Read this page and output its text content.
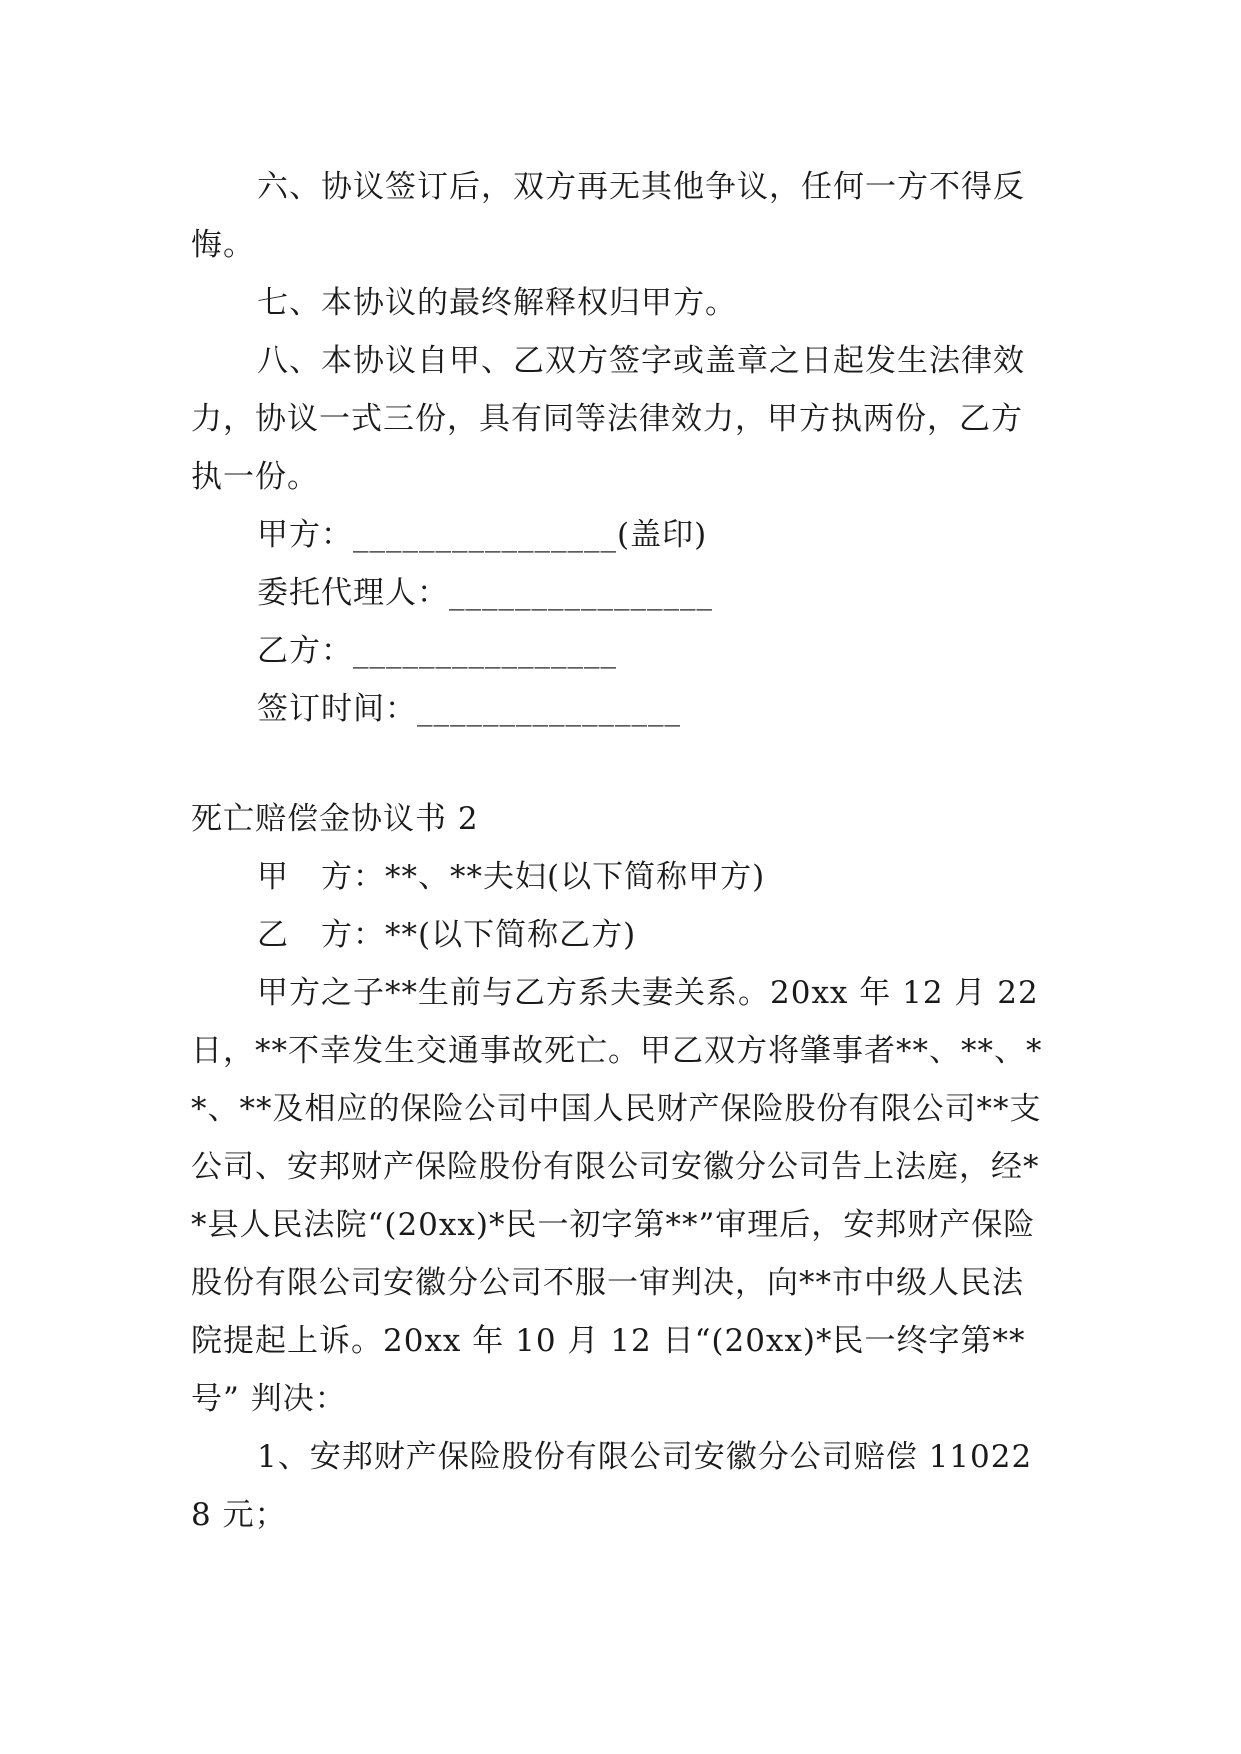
六、协议签订后，双方再无其他争议，任何一方不得反悔。

七、本协议的最终解释权归甲方。

八、本协议自甲、乙双方签字或盖章之日起发生法律效力，协议一式三份，具有同等法律效力，甲方执两份，乙方执一份。

甲方：________________(盖印)

委托代理人：________________

乙方：________________

签订时间：________________

死亡赔偿金协议书 2

甲　方：**、**夫妇(以下简称甲方)

乙　方：**(以下简称乙方)

甲方之子**生前与乙方系夫妻关系。20xx 年 12 月 22 日，**不幸发生交通事故死亡。甲乙双方将肇事者**、**、**、**及相应的保险公司中国人民财产保险股份有限公司**支公司、安邦财产保险股份有限公司安徽分公司告上法庭，经**县人民法院“(20xx)*民一初字第**”审理后，安邦财产保险股份有限公司安徽分公司不服一审判决，向**市中级人民法院提起上诉。20xx 年 10 月 12 日“(20xx)*民一终字第**号” 判决：

1、安邦财产保险股份有限公司安徽分公司赔偿 110228 元；
